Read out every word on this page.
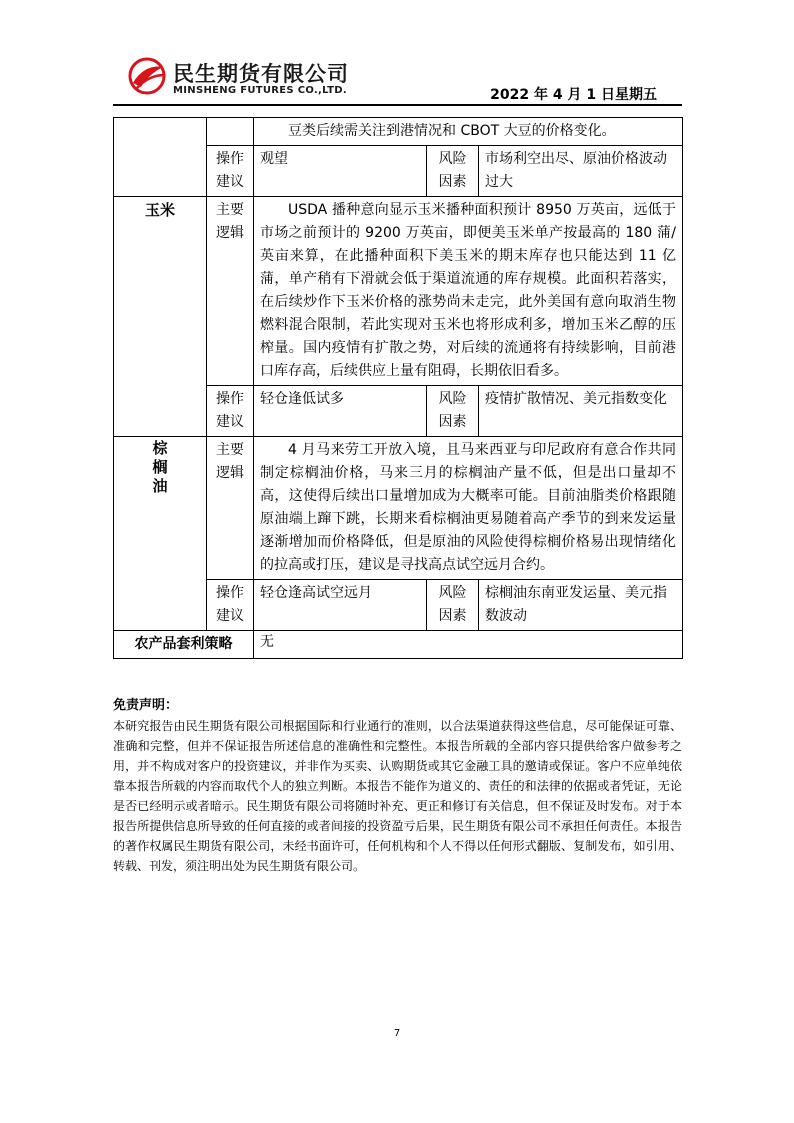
民生期货有限公司
MINSHENG FUTURES CO.,LTD.	2022 年 4 月 1 日星期五
		豆类后续需关注到港情况和 CBOT 大豆的价格变化。		
	操作建议	观望	风险因素	市场利空出尽、原油价格波动过大
玉米	主要逻辑	USDA 播种意向显示玉米播种面积预计 8950 万英亩，远低于市场之前预计的 9200 万英亩，即便美玉米单产按最高的 180 蒲/英亩来算，在此播种面积下美玉米的期末库存也只能达到 11 亿蒲，单产稍有下滑就会低于渠道流通的库存规模。此面积若落实，在后续炒作下玉米价格的涨势尚未走完，此外美国有意向取消生物燃料混合限制，若此实现对玉米也将形成利多，增加玉米乙醇的压榨量。国内疫情有扩散之势，对后续的流通将有持续影响，目前港口库存高，后续供应上量有阻碍，长期依旧看多。		
	操作建议	轻仓逢低试多	风险因素	疫情扩散情况、美元指数变化

棕榈油	主要逻辑	4 月马来劳工开放入境，且马来西亚与印尼政府有意合作共同制定棕榈油价格，马来三月的棕榈油产量不低，但是出口量却不高，这使得后续出口量增加成为大概率可能。目前油脂类价格跟随原油端上蹿下跳，长期来看棕榈油更易随着高产季节的到来发运量逐渐增加而价格降低，但是原油的风险使得棕榈价格易出现情绪化的拉高或打压，建议是寻找高点试空远月合约。		
	操作建议	轻仓逢高试空远月	风险因素	棕榈油东南亚发运量、美元指数波动
农产品套利策略		无		
免责声明：
本研究报告由民生期货有限公司根据国际和行业通行的准则，以合法渠道获得这些信息，尽可能保证可靠、准确和完整，但并不保证报告所述信息的准确性和完整性。本报告所载的全部内容只提供给客户做参考之用，并不构成对客户的投资建议，并非作为买卖、认购期货或其它金融工具的邀请或保证。客户不应单纯依靠本报告所载的内容而取代个人的独立判断。本报告不能作为道义的、责任的和法律的依据或者凭证，无论是否已经明示或者暗示。民生期货有限公司将随时补充、更正和修订有关信息，但不保证及时发布。对于本报告所提供信息所导致的任何直接的或者间接的投资盈亏后果，民生期货有限公司不承担任何责任。本报告的著作权属民生期货有限公司，未经书面许可，任何机构和个人不得以任何形式翻版、复制发布，如引用、转载、刊发，须注明出处为民生期货有限公司。
7
